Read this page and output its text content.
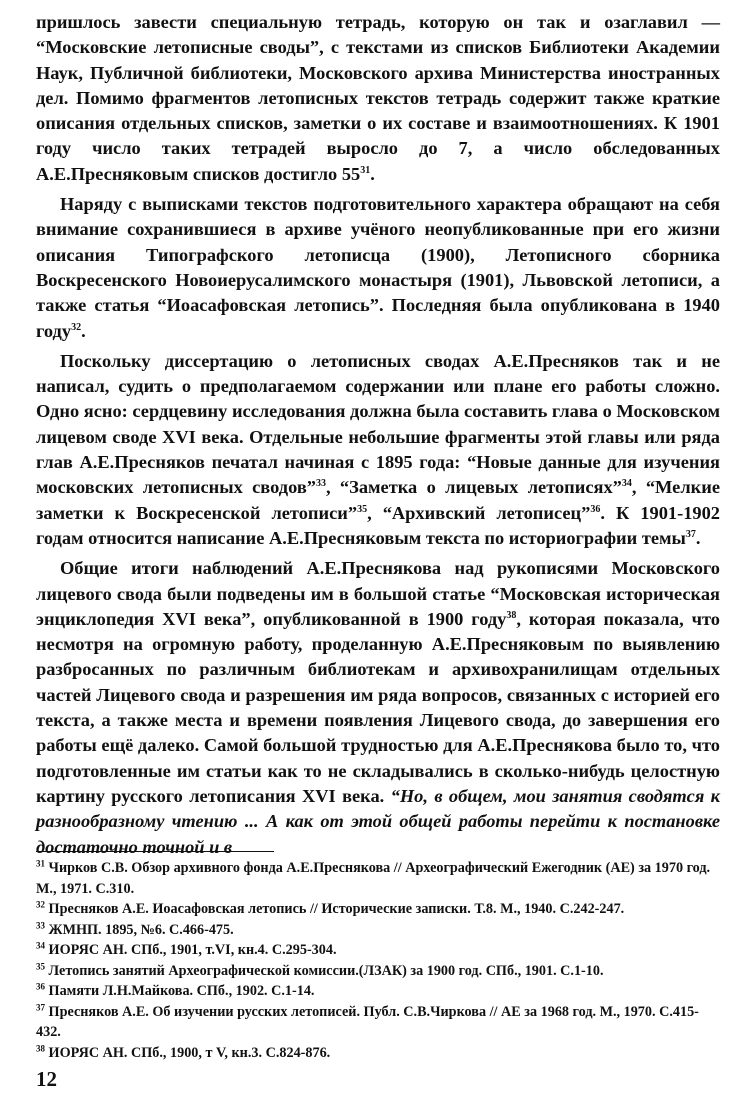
пришлось завести специальную тетрадь, которую он так и озаглавил — “Московские летописные своды”, с текстами из списков Библиотеки Академии Наук, Публичной библиотеки, Московского архива Министерства иностранных дел. Помимо фрагментов летописных текстов тетрадь содержит также краткие описания отдельных списков, заметки о их составе и взаимоотношениях. К 1901 году число таких тетрадей выросло до 7, а число обследованных А.Е.Пресняковым списков достигло $55^{31}$.

Наряду с выписками текстов подготовительного характера обращают на себя внимание сохранившиеся в архиве учёного неопубликованные при его жизни описания Типографского летописца (1900), Летописного сборника Воскресенского Новоиерусалимского монастыря (1901), Львовской летописи, а также статья “Иоасафовская летопись”. Последняя была опубликована в 1940 году$^{32}$.

Поскольку диссертацию о летописных сводах А.Е.Пресняков так и не написал, судить о предполагаемом содержании или плане его работы сложно. Одно ясно: сердцевину исследования должна была составить глава о Московском лицевом своде XVI века. Отдельные небольшие фрагменты этой главы или ряда глав А.Е.Пресняков печатал начиная с 1895 года: “Новые данные для изучения московских летописных сводов”$^{33}$, “Заметка о лицевых летописях”$^{34}$, “Мелкие заметки к Воскресенской летописи”$^{35}$, “Архивский летописец”$^{36}$. К 1901-1902 годам относится написание А.Е.Пресняковым текста по историографии темы$^{37}$.

Общие итоги наблюдений А.Е.Преснякова над рукописями Московского лицевого свода были подведены им в большой статье “Московская историческая энциклопедия XVI века”, опубликованной в 1900 году$^{38}$, которая показала, что несмотря на огромную работу, проделанную А.Е.Пресняковым по выявлению разбросанных по различным библиотекам и архивохранилищам отдельных частей Лицевого свода и разрешения им ряда вопросов, связанных с историей его текста, а также места и времени появления Лицевого свода, до завершения его работы ещё далеко. Самой большой трудностью для А.Е.Преснякова было то, что подготовленные им статьи как то не складывались в сколько-нибудь целостную картину русского летописания XVI века. “Но, в общем, мои занятия сводятся к разнообразному чтению ... А как от этой общей работы перейти к постановке достаточно точной и в

$^{31}$ Чирков С.В. Обзор архивного фонда А.Е.Преснякова // Археографический Ежегодник (АЕ) за 1970 год. М., 1971. С.310.

$^{32}$ Пресняков А.Е. Иоасафовская летопись // Исторические записки. Т.8. М., 1940. С.242-247.

$^{33}$ ЖМНП. 1895, №6. С.466-475.

$^{34}$ ИОРЯС АН. СПб., 1901, т.VI, кн.4. С.295-304.

$^{35}$ Летопись занятий Археографической комиссии.(ЛЗАК) за 1900 год. СПб., 1901. С.1-10.

$^{36}$ Памяти Л.Н.Майкова. СПб., 1902. С.1-14.

$^{37}$ Пресняков А.Е. Об изучении русских летописей. Публ. С.В.Чиркова // АЕ за 1968 год. М., 1970. С.415-432.

$^{38}$ ИОРЯС АН. СПб., 1900, т V, кн.3. С.824-876.

12
